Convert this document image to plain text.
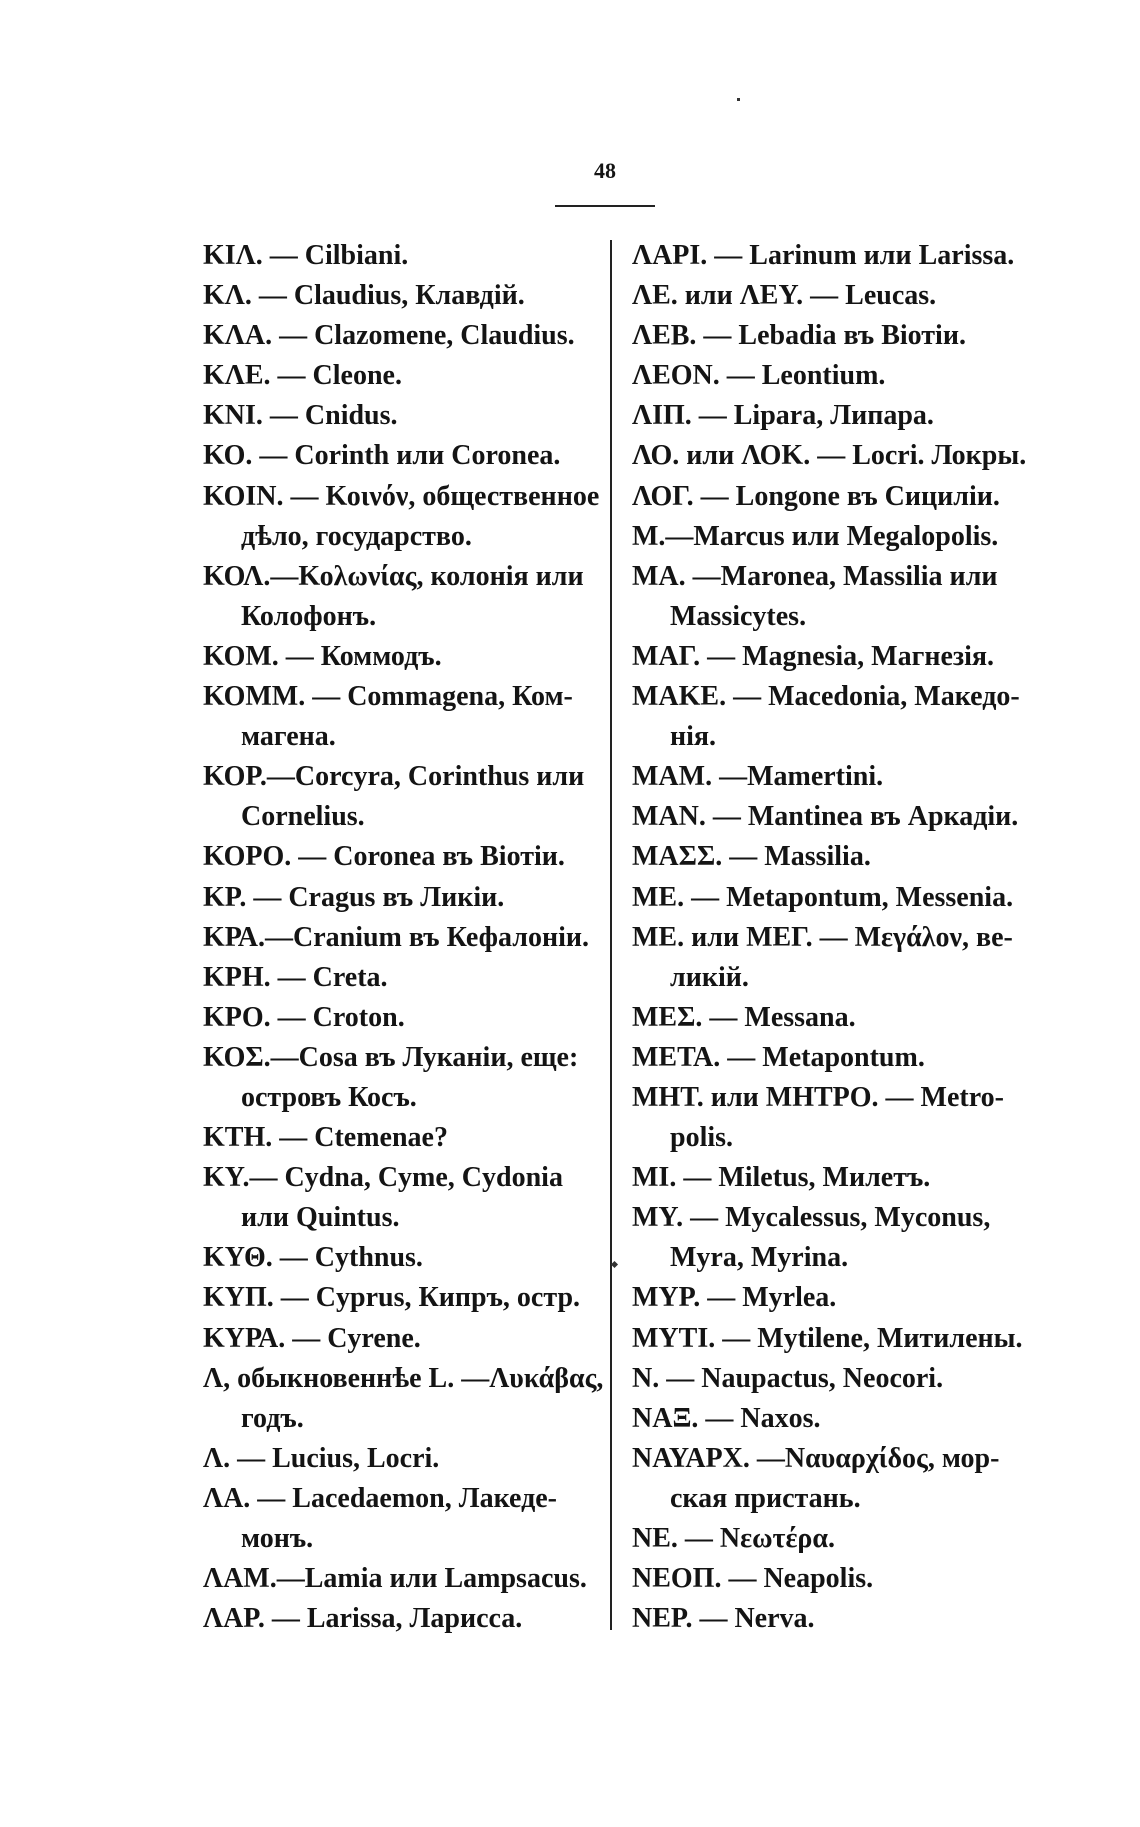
48
ΚΙΛ. — Cilbiani.
ΚΛ. — Claudius, Клавдій.
ΚΛΑ. — Clazomene, Claudius.
ΚΛΕ. — Cleone.
ΚΝΙ. — Cnidus.
ΚΟ. — Corinth или Coronea.
ΚΟΙΝ. — Κοινόν, общественное
дѣло, государство.
ΚΟΛ.—Κολωνίας, колонія или
Колофонъ.
ΚΟΜ. — Коммодъ.
ΚΟΜΜ. — Commagena, Ком-
магена.
ΚΟΡ.—Corcyra, Corinthus или
Cornelius.
ΚΟΡΟ. — Coronea въ Віотіи.
ΚΡ. — Cragus въ Ликіи.
ΚΡΑ.—Cranium въ Кефалоніи.
ΚΡΗ. — Creta.
ΚΡΟ. — Croton.
ΚΟΣ.—Cosa въ Луканіи, еще:
островъ Косъ.
ΚΤΗ. — Ctemenae?
ΚΥ.— Cydna, Cyme, Cydonia
или Quintus.
ΚΥΘ. — Cythnus.
ΚΥΠ. — Cyprus, Кипръ, остр.
ΚΥΡΑ. — Cyrene.
Λ, обыкновеннѣе L. —Λυκάβας,
годъ.
Λ. — Lucius, Locri.
ΛΑ. — Lacedaemon, Лакеде-
монъ.
ΛΑΜ.—Lamia или Lampsacus.
ΛΑΡ. — Larissa, Ларисса.
ΛΑΡΙ. — Larinum или Larissa.
ΛΕ. или ΛΕΥ. — Leucas.
ΛΕΒ. — Lebadia въ Віотіи.
ΛΕΟΝ. — Leontium.
ΛΙΠ. — Lipara, Липара.
ΛΟ. или ΛΟΚ. — Locri. Локры.
ΛΟΓ. — Longone въ Сициліи.
Μ.—Marcus или Megalopolis.
ΜΑ. —Maronea, Massilia или
Massicytes.
ΜΑΓ. — Magnesia, Магнезія.
ΜΑΚΕ. — Macedonia, Македо-
нія.
ΜΑΜ. —Mamertini.
ΜΑΝ. — Mantinea въ Аркадіи.
ΜΑΣΣ. — Massilia.
ΜΕ. — Metapontum, Messenia.
ΜΕ. или ΜΕΓ. — Μεγάλον, ве-
ликій.
ΜΕΣ. — Messana.
ΜΕΤΑ. — Metapontum.
ΜΗΤ. или ΜΗΤΡΟ. — Metro-
polis.
ΜΙ. — Miletus, Милетъ.
ΜΥ. — Mycalessus, Myconus,
Myra, Myrina.
ΜΥΡ. — Myrlea.
ΜΥΤΙ. — Mytilene, Митилены.
Ν. — Naupactus, Neocori.
ΝΑΞ. — Naxos.
ΝΑΥΑΡΧ. —Ναυαρχίδος, мор-
ская пристань.
ΝΕ. — Νεωτέρα.
ΝΕΟΠ. — Neapolis.
ΝΕΡ. — Nerva.
